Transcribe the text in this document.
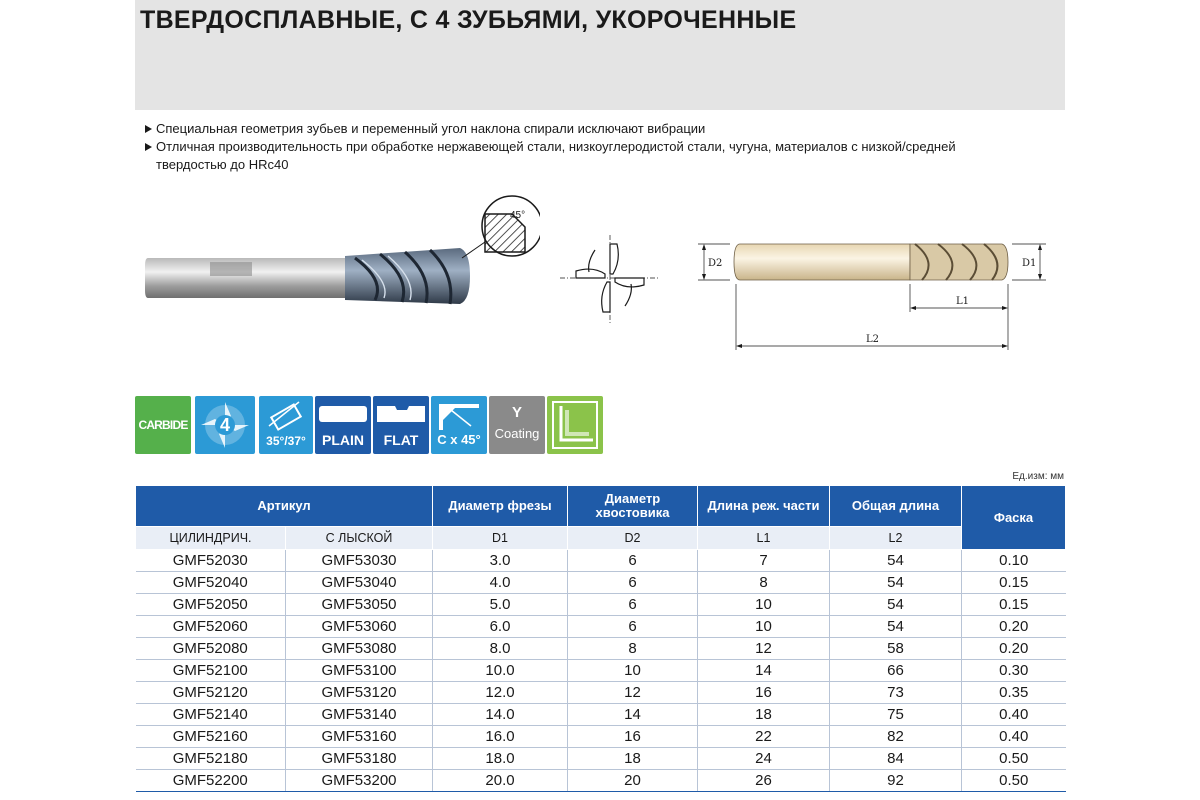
ТВЕРДОСПЛАВНЫЕ, С 4 ЗУБЬЯМИ, УКОРОЧЕННЫЕ
Специальная геометрия зубьев и переменный угол наклона спирали исключают вибрации
Отличная производительность при обработке нержавеющей стали, низкоуглеродистой стали, чугуна, материалов с низкой/средней твердостью до HRc40
45°
D2	D1
L1
L2
CARBIDE 4
35°/37°	PLAIN	FLAT	C x 45°
Y
Coating
Ед.изм: мм
Артикул		Диаметр фрезы	Диаметр хвостовика	Длина реж. части	Общая длина	Фаска
ЦИЛИНДРИЧ.	С ЛЫСКОЙ	D1	D2	L1	L2	
GMF52030	GMF53030	3.0	6	7	54	0.10
GMF52040	GMF53040	4.0	6	8	54	0.15
GMF52050	GMF53050	5.0	6	10	54	0.15
GMF52060	GMF53060	6.0	6	10	54	0.20
GMF52080	GMF53080	8.0	8	12	58	0.20
GMF52100	GMF53100	10.0	10	14	66	0.30
GMF52120	GMF53120	12.0	12	16	73	0.35
GMF52140	GMF53140	14.0	14	18	75	0.40
GMF52160	GMF53160	16.0	16	22	82	0.40
GMF52180	GMF53180	18.0	18	24	84	0.50
GMF52200	GMF53200	20.0	20	26	92	0.50
